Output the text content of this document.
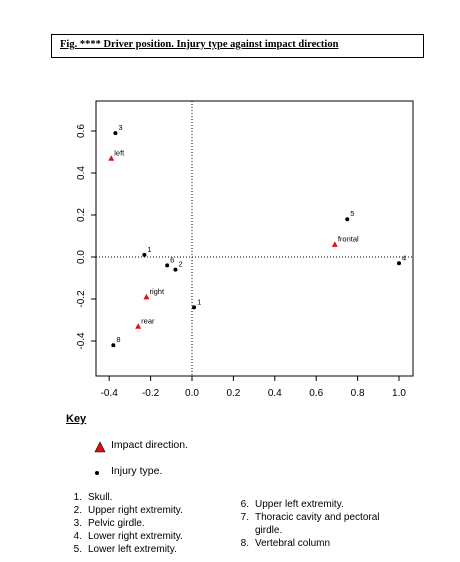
Fig. **** Driver position. Injury type against impact direction
-0.4 -0.2	0.0	0.2	0.4	0.6	0.8	1.0
-0.4
-0.2
0.0
0.2
0.4
0.6
left
right
rear
frontal
3
1
6 2
1
8
5
4
Key
Impact direction.
Injury type.
1. Skull.
2. Upper right extremity.
3. Pelvic girdle.
4. Lower right extremity.
5. Lower left extremity.
6. Upper left extremity.
7. Thoracic cavity and pectoral girdle.
8. Vertebral column
